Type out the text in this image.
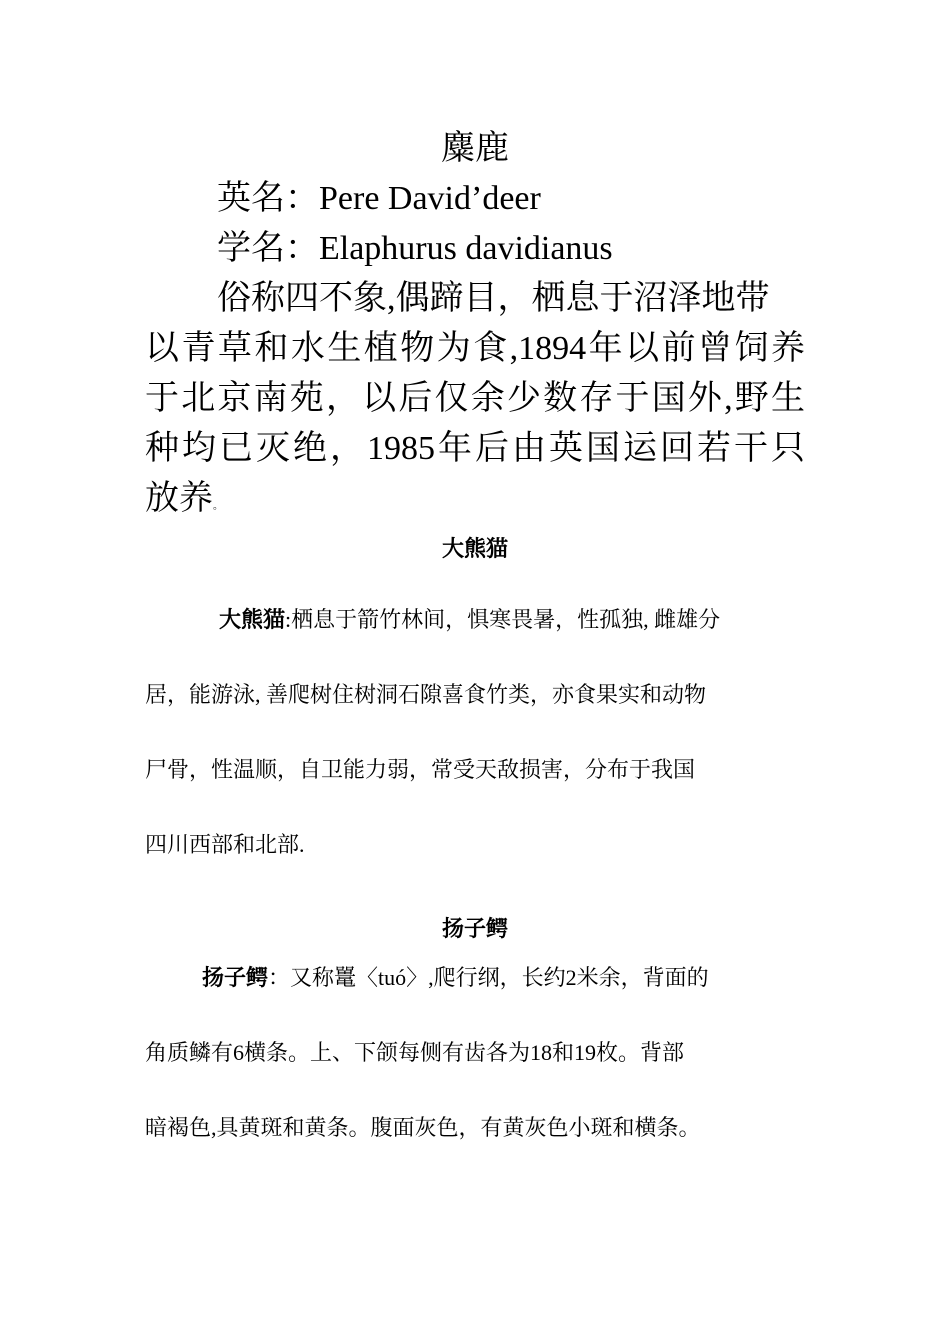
麋鹿
英名：Pere David’deer
学名：Elaphurus davidianus
俗称四不象,偶蹄目，栖息于沼泽地带
以青草和水生植物为食,1894年以前曾饲养
于北京南苑，以后仅余少数存于国外,野生
种均已灭绝，1985年后由英国运回若干只
放养。
大熊猫
大熊猫:栖息于箭竹林间，惧寒畏暑，性孤独, 雌雄分
居，能游泳, 善爬树住树洞石隙喜食竹类，亦食果实和动物
尸骨，性温顺，自卫能力弱，常受天敌损害，分布于我国
四川西部和北部.
扬子鳄
扬子鳄：又称鼍〈tuó〉,爬行纲，长约2米余，背面的
角质鳞有6横条。上、下颌每侧有齿各为18和19枚。背部
暗褐色,具黄斑和黄条。腹面灰色，有黄灰色小斑和横条。
